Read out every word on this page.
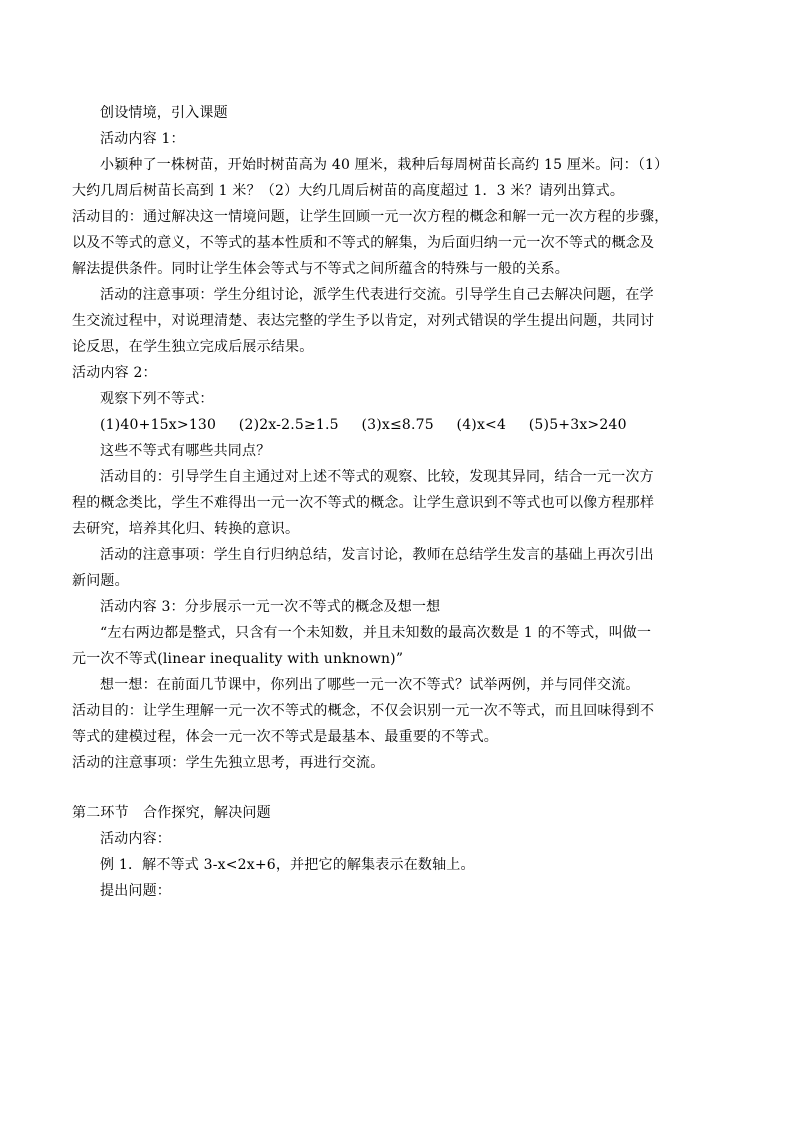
创设情境，引入课题
活动内容 1：
小颖种了一株树苗，开始时树苗高为 40 厘米，栽种后每周树苗长高约 15 厘米。问：（1）
大约几周后树苗长高到 1 米？（2）大约几周后树苗的高度超过 1．3 米？请列出算式。
活动目的：通过解决这一情境问题，让学生回顾一元一次方程的概念和解一元一次方程的步骤，
以及不等式的意义，不等式的基本性质和不等式的解集，为后面归纳一元一次不等式的概念及
解法提供条件。同时让学生体会等式与不等式之间所蕴含的特殊与一般的关系。
活动的注意事项：学生分组讨论，派学生代表进行交流。引导学生自己去解决问题，在学
生交流过程中，对说理清楚、表达完整的学生予以肯定，对列式错误的学生提出问题，共同讨
论反思，在学生独立完成后展示结果。
活动内容 2：
观察下列不等式：
(1)40+15x>130 (2)2x-2.5≥1.5 (3)x≤8.75 (4)x<4 (5)5+3x>240
这些不等式有哪些共同点？
活动目的：引导学生自主通过对上述不等式的观察、比较，发现其异同，结合一元一次方
程的概念类比，学生不难得出一元一次不等式的概念。让学生意识到不等式也可以像方程那样
去研究，培养其化归、转换的意识。
活动的注意事项：学生自行归纳总结，发言讨论，教师在总结学生发言的基础上再次引出
新问题。
活动内容 3：分步展示一元一次不等式的概念及想一想
“左右两边都是整式，只含有一个未知数，并且未知数的最高次数是 1 的不等式，叫做一
元一次不等式(linear inequality with unknown)”
想一想：在前面几节课中，你列出了哪些一元一次不等式？试举两例，并与同伴交流。
活动目的：让学生理解一元一次不等式的概念，不仅会识别一元一次不等式，而且回味得到不
等式的建模过程，体会一元一次不等式是最基本、最重要的不等式。
活动的注意事项：学生先独立思考，再进行交流。
第二环节　合作探究，解决问题
活动内容：
例 1．解不等式 3-x<2x+6，并把它的解集表示在数轴上。
提出问题：
